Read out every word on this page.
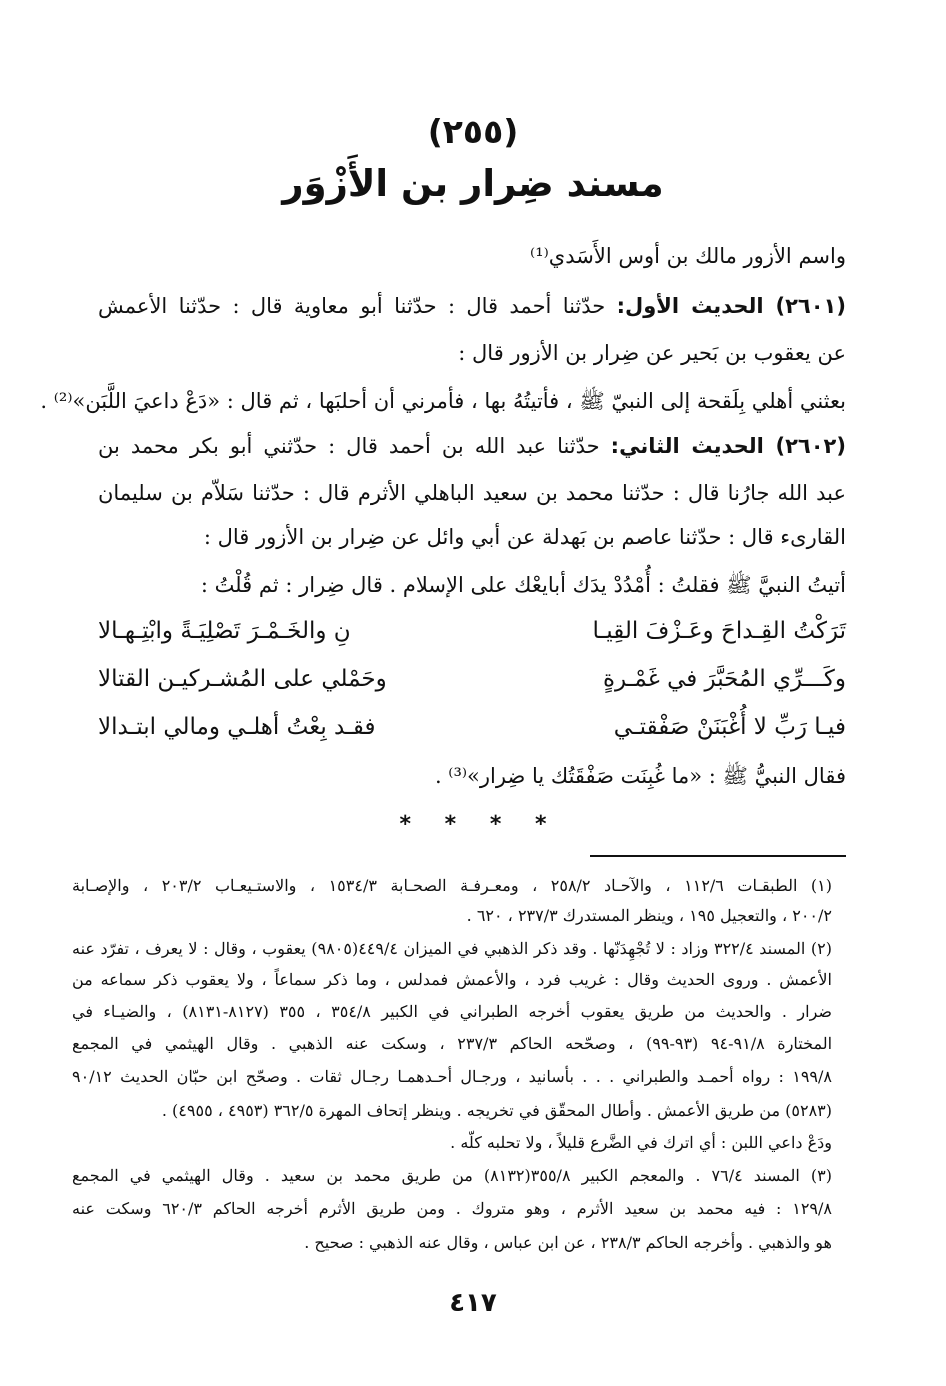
(٢٥٥)
مسند ضِرار بن الأَزْوَر
واسم الأزور مالك بن أوس الأَسَدي⁽¹⁾
(٢٦٠١) الحديث الأول: حدّثنا أحمد قال : حدّثنا أبو معاوية قال : حدّثنا الأعمش
عن يعقوب بن بَحير عن ضِرار بن الأزور قال :
بعثني أهلي بِلَقحة إلى النبيّ ﷺ ، فأتيتُهُ بها ، فأمرني أن أحلبَها ، ثم قال : «دَعْ داعيَ اللَّبَن»⁽²⁾ .
(٢٦٠٢) الحديث الثاني: حدّثنا عبد الله بن أحمد قال : حدّثني أبو بكر محمد بن
عبد الله جارُنا قال : حدّثنا محمد بن سعيد الباهلي الأثرم قال : حدّثنا سَلاّم بن سليمان
القارىء قال : حدّثنا عاصم بن بَهدلة عن أبي وائل عن ضِرار بن الأزور قال :
أتيتُ النبيَّ ﷺ فقلتُ : أُمْدُدْ يدَك أبايعْك على الإسلام . قال ضِرار : ثم قُلْتُ :
تَرَكْتُ القِـداحَ وعَـزْفَ القِيـا
نِ والخَـمْـرَ تَصْلِيَـةً وابْتِـهـالا
وكَـــرِّي المُحَبَّرَ في غَمْـرةٍ
وحَمْلي على المُشـركيـن القتالا
فيـا رَبِّ لا أُغْبَنَنْ صَفْقتـي
فقـد بِعْتُ أهلـي ومالي ابتـدالا
فقال النبيُّ ﷺ : «ما غُبِنَت صَفْقَتُك يا ضِرار»⁽³⁾ .
* * * *
(١) الطبقـات ١١٢/٦ ، والآحـاد ٢٥٨/٢ ، ومعـرفـة الصحـابة ١٥٣٤/٣ ، والاستـيعـاب ٢٠٣/٢ ، والإصـابة
٢٠٠/٢ ، والتعجيل ١٩٥ ، وينظر المستدرك ٢٣٧/٣ ، ٦٢٠ .
(٢) المسند ٣٢٢/٤ وزاد : لا تُجْهِدَنّها . وقد ذكر الذهبي في الميزان ٤٤٩/٤(٩٨٠٥) يعقوب ، وقال : لا يعرف ، تفرّد عنه
الأعمش . وروى الحديث وقال : غريب فرد ، والأعمش فمدلس ، وما ذكر سماعاً ، ولا يعقوب ذكر سماعه من
ضرار . والحديث من طريق يعقوب أخرجه الطبراني في الكبير ٣٥٤/٨ ، ٣٥٥ (٨١٢٧-٨١٣١) ، والضيـاء في
المختارة ٩١/٨-٩٤ (٩٣-٩٩) ، وصحّحه الحاكم ٢٣٧/٣ ، وسكت عنه الذهبي . وقال الهيثمي في المجمع
١٩٩/٨ : رواه أحمـد والطبراني . . . بأسانيد ، ورجـال أحـدهمـا رجـال ثقات . وصحّح ابن حبّان الحديث ٩٠/١٢
(٥٢٨٣) من طريق الأعمش . وأطال المحقّق في تخريجه . وينظر إتحاف المهرة ٣٦٢/٥ (٤٩٥٣ ، ٤٩٥٥) .
ودَعْ داعي اللبن : أي اترك في الضَّرع قليلاً ، ولا تحلبه كلّه .
(٣) المسند ٧٦/٤ . والمعجم الكبير ٣٥٥/٨(٨١٣٢) من طريق محمد بن سعيد . وقال الهيثمي في المجمع
١٢٩/٨ : فيه محمد بن سعيد الأثرم ، وهو متروك . ومن طريق الأثرم أخرجه الحاكم ٦٢٠/٣ وسكت عنه
هو والذهبي . وأخرجه الحاكم ٢٣٨/٣ ، عن ابن عباس ، وقال عنه الذهبي : صحيح .
٤١٧
